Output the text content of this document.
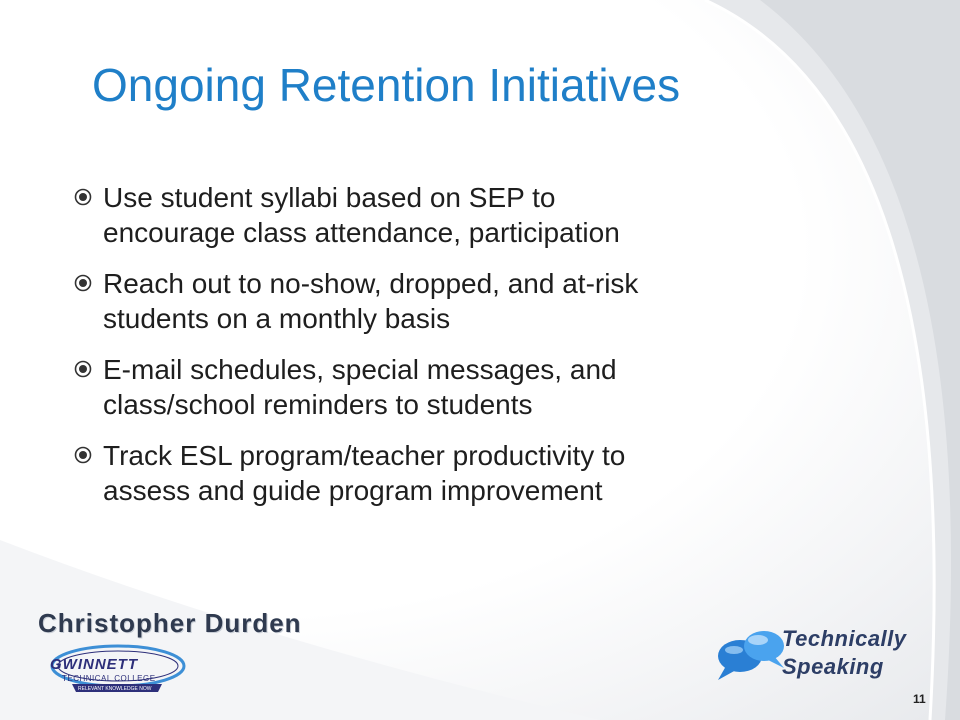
Ongoing Retention Initiatives
Use student syllabi based on SEP to
encourage class attendance, participation
Reach out to no-show, dropped, and at-risk
students on a monthly basis
E-mail schedules, special messages, and
class/school reminders to students
Track ESL program/teacher productivity to
assess and guide program improvement
Christopher Durden
GWINNETT
TECHNICAL COLLEGE
RELEVANT KNOWLEDGE NOW
Technically
Speaking
11
